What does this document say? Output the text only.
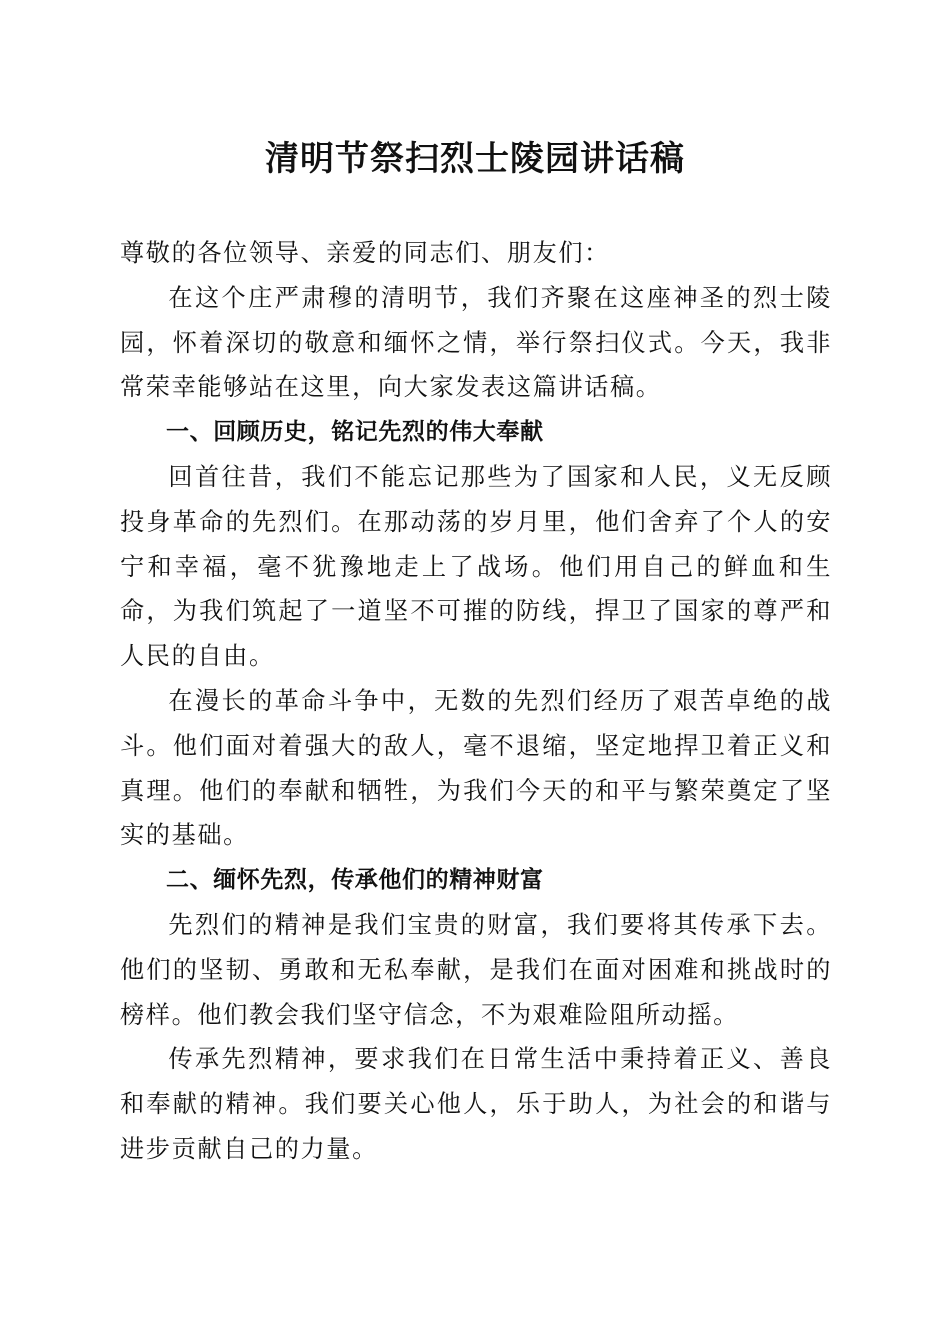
清明节祭扫烈士陵园讲话稿

尊敬的各位领导、亲爱的同志们、朋友们：

在这个庄严肃穆的清明节，我们齐聚在这座神圣的烈士陵园，怀着深切的敬意和缅怀之情，举行祭扫仪式。今天，我非常荣幸能够站在这里，向大家发表这篇讲话稿。

一、回顾历史，铭记先烈的伟大奉献

回首往昔，我们不能忘记那些为了国家和人民，义无反顾投身革命的先烈们。在那动荡的岁月里，他们舍弃了个人的安宁和幸福，毫不犹豫地走上了战场。他们用自己的鲜血和生命，为我们筑起了一道坚不可摧的防线，捍卫了国家的尊严和人民的自由。

在漫长的革命斗争中，无数的先烈们经历了艰苦卓绝的战斗。他们面对着强大的敌人，毫不退缩，坚定地捍卫着正义和真理。他们的奉献和牺牲，为我们今天的和平与繁荣奠定了坚实的基础。

二、缅怀先烈，传承他们的精神财富

先烈们的精神是我们宝贵的财富，我们要将其传承下去。他们的坚韧、勇敢和无私奉献，是我们在面对困难和挑战时的榜样。他们教会我们坚守信念，不为艰难险阻所动摇。

传承先烈精神，要求我们在日常生活中秉持着正义、善良和奉献的精神。我们要关心他人，乐于助人，为社会的和谐与进步贡献自己的力量。
